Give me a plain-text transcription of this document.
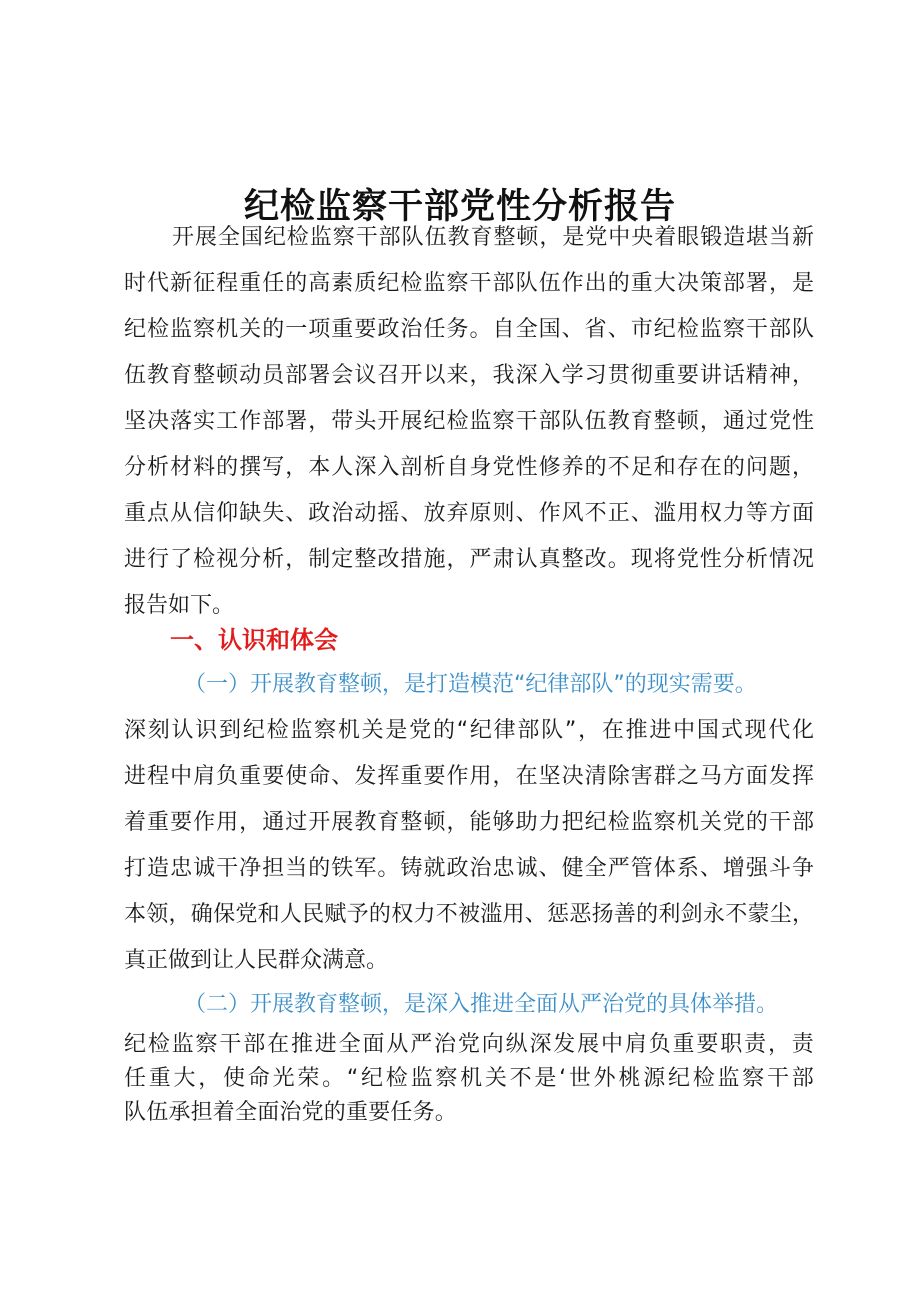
纪检监察干部党性分析报告
开展全国纪检监察干部队伍教育整顿，是党中央着眼锻造堪当新
时代新征程重任的高素质纪检监察干部队伍作出的重大决策部署，是
纪检监察机关的一项重要政治任务。自全国、省、市纪检监察干部队
伍教育整顿动员部署会议召开以来，我深入学习贯彻重要讲话精神，
坚决落实工作部署，带头开展纪检监察干部队伍教育整顿，通过党性
分析材料的撰写，本人深入剖析自身党性修养的不足和存在的问题，
重点从信仰缺失、政治动摇、放弃原则、作风不正、滥用权力等方面
进行了检视分析，制定整改措施，严肃认真整改。现将党性分析情况
报告如下。
一、认识和体会
（一）开展教育整顿，是打造模范“纪律部队”的现实需要。
深刻认识到纪检监察机关是党的“纪律部队”，在推进中国式现代化
进程中肩负重要使命、发挥重要作用，在坚决清除害群之马方面发挥
着重要作用，通过开展教育整顿，能够助力把纪检监察机关党的干部
打造忠诚干净担当的铁军。铸就政治忠诚、健全严管体系、增强斗争
本领，确保党和人民赋予的权力不被滥用、惩恶扬善的利剑永不蒙尘，
真正做到让人民群众满意。
（二）开展教育整顿，是深入推进全面从严治党的具体举措。
纪检监察干部在推进全面从严治党向纵深发展中肩负重要职责，责
任重大，使命光荣。“纪检监察机关不是‘世外桃源纪检监察干部
队伍承担着全面治党的重要任务。
